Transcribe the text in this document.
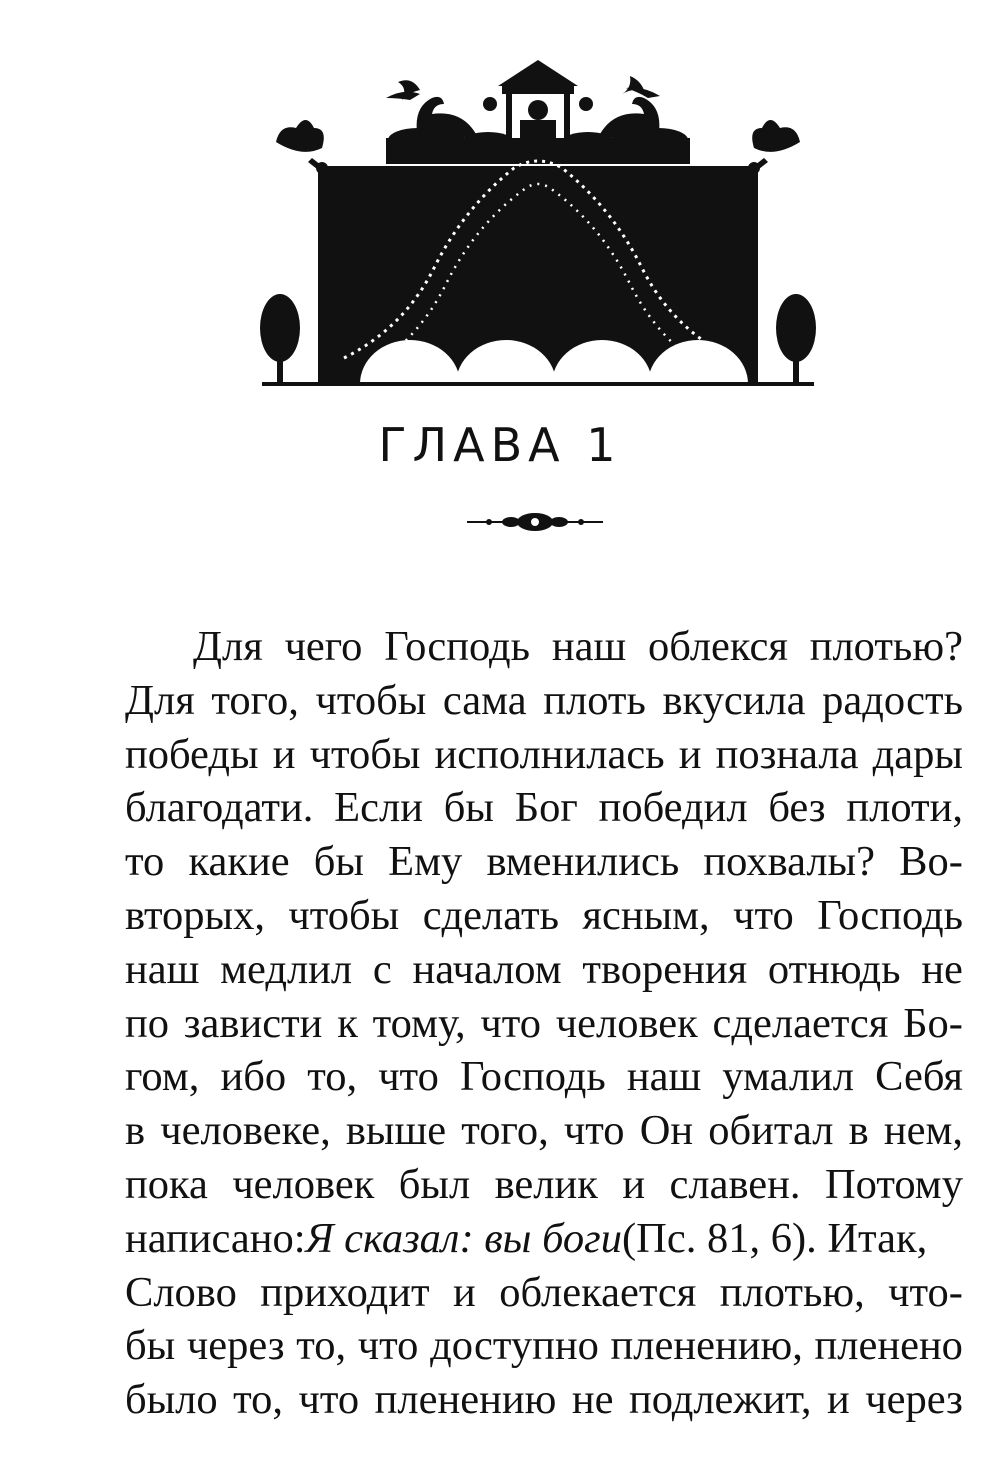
ГЛАВА 1
Для чего Господь наш облекся плотью?
Для того, чтобы сама плоть вкусила радость
победы и чтобы исполнилась и познала дары
благодати. Если бы Бог победил без плоти,
то какие бы Ему вменились похвалы? Во-
вторых, чтобы сделать ясным, что Господь
наш медлил с началом творения отнюдь не
по зависти к тому, что человек сделается Бо-
гом, ибо то, что Господь наш умалил Себя
в человеке, выше того, что Он обитал в нем,
пока человек был велик и славен. Потому
написано: Я сказал: вы боги (Пс. 81, 6). Итак,
Слово приходит и облекается плотью, что-
бы через то, что доступно пленению, пленено
было то, что пленению не подлежит, и через
